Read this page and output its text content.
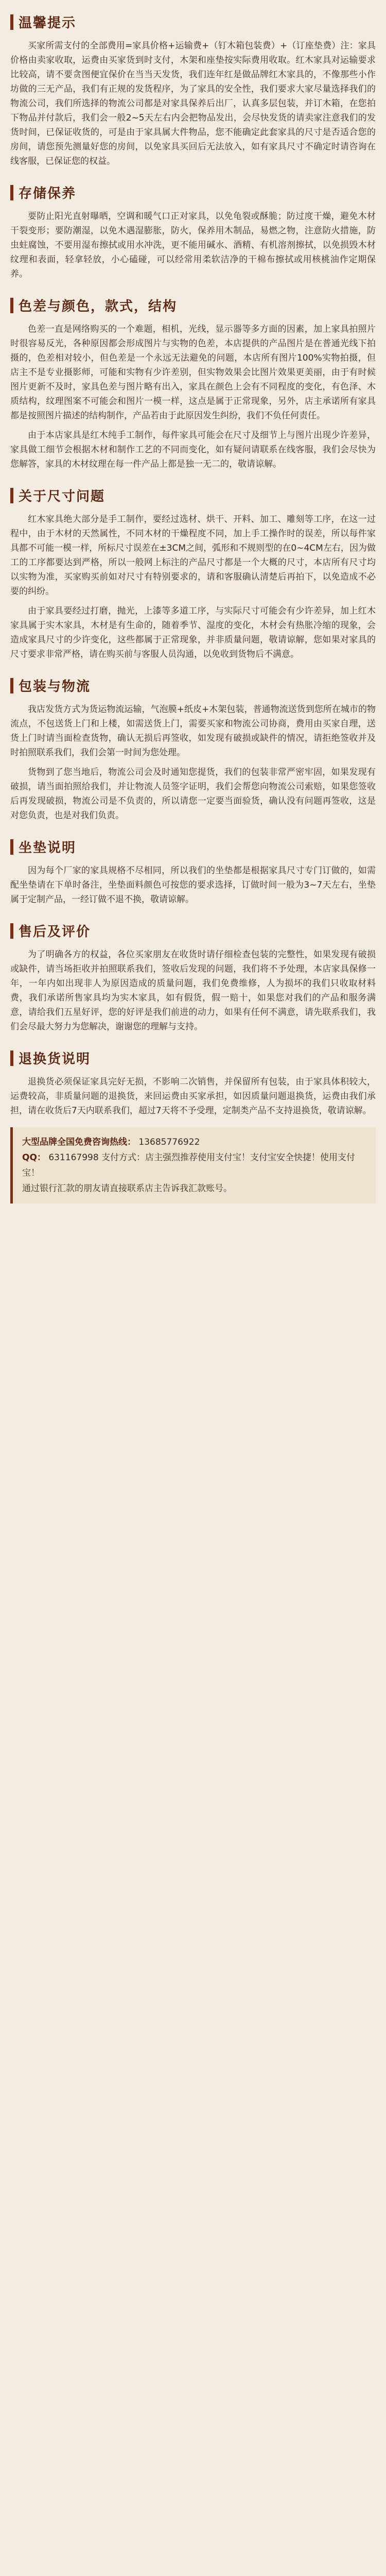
温馨提示

买家所需支付的全部费用=家具价格+运输费+（钉木箱包装费）+（订座垫费）注：家具价格由卖家收取，运费由买家货到时支付，木架和座垫按实际费用收取。红木家具对运输要求比较高，请不要贪图便宜保价在当当天发货，我们连年红是做品牌红木家具的，不像那些小作坊做的三无产品，我们有正规的发货程序，为了家具的安全性，我们要求大家尽量选择我们的物流公司，我们所选择的物流公司都是对家具保养后出厂，认真多层包装，并订木箱，在您拍下物品并付款后，我们会一般2~5天左右内会把物品发出，会尽快发货的请卖家注意我们的发货时间，已保证收货的，可是由于家具属大件物品，您不能确定此套家具的尺寸是否适合您的房间，请您预先测量好您的房间，以免家具买回后无法放入，如有家具尺寸不确定时请咨询在线客服，已保证您的权益。

存储保养

要防止阳光直射曝晒，空调和暖气口正对家具，以免龟裂或酥脆；防过度干燥，避免木材干裂变形；要防潮湿，以免木遇湿膨胀，防火，保养用木制品，易燃之物，注意防火措施，防虫蛀腐蚀，不要用湿布擦拭或用水冲洗，更不能用碱水、酒精、有机溶剂擦拭，以免损毁木材纹理和表面，轻拿轻放，小心磕碰，可以经常用柔软洁净的干棉布擦拭或用核桃油作定期保养。

色差与颜色，款式，结构

色差一直是网络购买的一个难题，相机，光线，显示器等多方面的因素，加上家具拍照片时很容易反光，各种原因都会形成图片与实物的色差，本店提供的产品图片是在普通光线下拍摄的，色差相对较小，但色差是一个永远无法避免的问题，本店所有图片100%实物拍摄，但店主不是专业摄影师，可能和实物有少许差别，但实物效果会比图片效果更美丽，由于有时候图片更新不及时，家具色差与图片略有出入，家具在颜色上会有不同程度的变化，有色泽、木质结构，纹理图案不可能会和图片一模一样，这点是属于正常现象，另外，店主承诺所有家具都是按照图片描述的结构制作，产品若由于此原因发生纠纷，我们不负任何责任。

由于本店家具是红木纯手工制作，每件家具可能会在尺寸及细节上与图片出现少许差异，家具做工细节会根据木材和制作工艺的不同而变化，如有疑问请联系在线客服，我们会尽快为您解答，家具的木材纹理在每一件产品上都是独一无二的，敬请谅解。

关于尺寸问题

红木家具绝大部分是手工制作，要经过选材、烘干、开料、加工、雕刻等工序，在这一过程中，由于木材的天然属性，不同木材的干燥程度不同，加上手工操作时的误差，所以每件家具都不可能一模一样，所标尺寸误差在±3CM之间，弧形和不规则型的在0~4CM左右，因为做工的工序都要达到严格，所以一般网上标注的产品尺寸都是一个大概的尺寸，本店所有尺寸均以实物为准，买家购买前如对尺寸有特别要求的，请和客服确认清楚后再拍下，以免造成不必要的纠纷。

由于家具要经过打磨，抛光，上漆等多道工序，与实际尺寸可能会有少许差异，加上红木家具属于实木家具，木材是有生命的，随着季节、湿度的变化，木材会有热胀冷缩的现象，会造成家具尺寸的少许变化，这些都属于正常现象，并非质量问题，敬请谅解，您如果对家具的尺寸要求非常严格，请在购买前与客服人员沟通，以免收到货物后不满意。

包装与物流

我店发货方式为货运物流运输，气泡膜+纸皮+木架包装，普通物流送货到您所在城市的物流点，不包送货上门和上楼，如需送货上门，需要买家和物流公司协商，费用由买家自理，送货上门时请当面检查货物，确认无损后再签收，如发现有破损或缺件的情况，请拒绝签收并及时拍照联系我们，我们会第一时间为您处理。

货物到了您当地后，物流公司会及时通知您提货，我们的包装非常严密牢固，如果发现有破损，请当面拍照给我们，并让物流人员签字证明，我们会帮您向物流公司索赔，如果您签收后再发现破损，物流公司是不负责的，所以请您一定要当面验货，确认没有问题再签收，这是对您负责，也是对我们负责。

坐垫说明

因为每个厂家的家具规格不尽相同，所以我们的坐垫都是根据家具尺寸专门订做的，如需配坐垫请在下单时备注，坐垫面料颜色可按您的要求选择，订做时间一般为3~7天左右，坐垫属于定制产品，一经订做不退不换，敬请谅解。

售后及评价

为了明确各方的权益，各位买家朋友在收货时请仔细检查包装的完整性，如果发现有破损或缺件，请当场拒收并拍照联系我们，签收后发现的问题，我们将不予处理，本店家具保修一年，一年内如出现非人为原因造成的质量问题，我们免费维修，人为损坏的我们只收取材料费，我们承诺所售家具均为实木家具，如有假货，假一赔十，如果您对我们的产品和服务满意，请给我们五星好评，您的好评是我们前进的动力，如果有任何不满意，请先联系我们，我们会尽最大努力为您解决，谢谢您的理解与支持。

退换货说明

退换货必须保证家具完好无损，不影响二次销售，并保留所有包装，由于家具体积较大，运费较高，非质量问题的退换货，来回运费由买家承担，如因质量问题退换货，运费由我们承担，请在收货后7天内联系我们，超过7天将不予受理，定制类产品不支持退换货，敬请谅解。

大型品牌全国免费咨询热线： 13685776922
QQ： 631167998 支付方式：店主强烈推荐使用支付宝！支付宝安全快捷！使用支付宝！
通过银行汇款的朋友请直接联系店主告诉我汇款账号。
